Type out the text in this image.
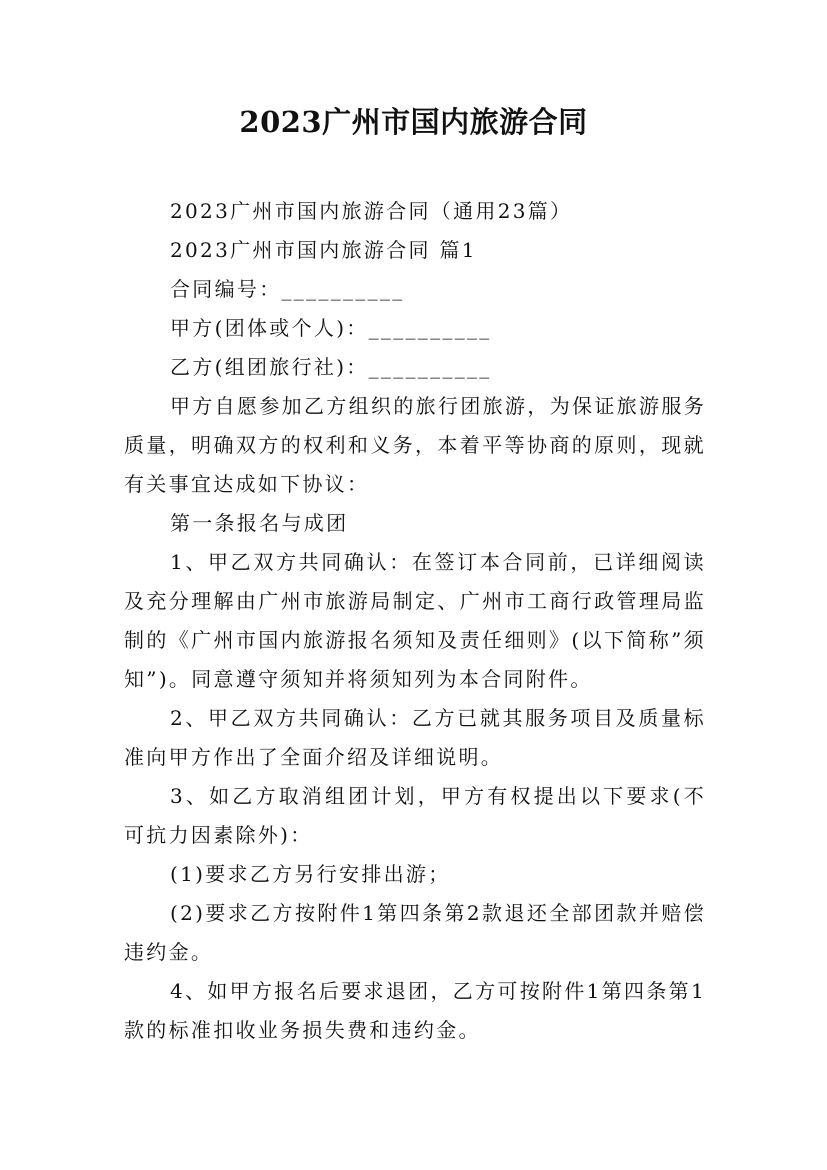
2023广州市国内旅游合同

2023广州市国内旅游合同（通用23篇）

2023广州市国内旅游合同 篇1

合同编号：__________

甲方(团体或个人)：__________

乙方(组团旅行社)：__________

甲方自愿参加乙方组织的旅行团旅游，为保证旅游服务质量，明确双方的权利和义务，本着平等协商的原则，现就有关事宜达成如下协议：

第一条报名与成团

1、甲乙双方共同确认：在签订本合同前，已详细阅读及充分理解由广州市旅游局制定、广州市工商行政管理局监制的《广州市国内旅游报名须知及责任细则》(以下简称”须知”)。同意遵守须知并将须知列为本合同附件。

2、甲乙双方共同确认：乙方已就其服务项目及质量标准向甲方作出了全面介绍及详细说明。

3、如乙方取消组团计划，甲方有权提出以下要求(不可抗力因素除外)：

(1)要求乙方另行安排出游；

(2)要求乙方按附件1第四条第2款退还全部团款并赔偿违约金。

4、如甲方报名后要求退团，乙方可按附件1第四条第1款的标准扣收业务损失费和违约金。
